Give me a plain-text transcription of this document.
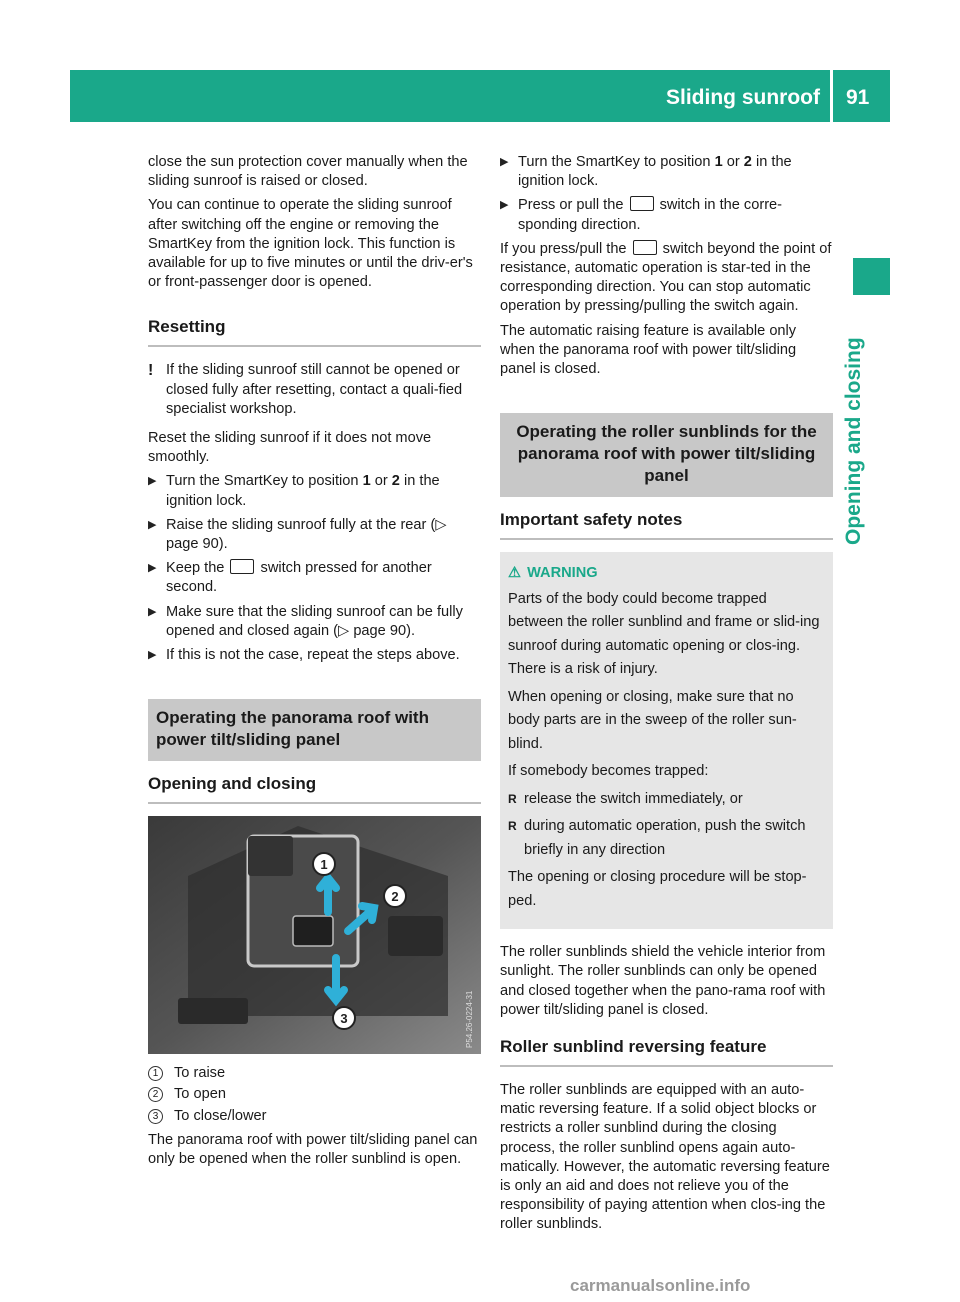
Sliding sunroof 91
Opening and closing

close the sun protection cover manually when the sliding sunroof is raised or closed.

You can continue to operate the sliding sunroof after switching off the engine or removing the SmartKey from the ignition lock. This function is available for up to five minutes or until the driv-er's or front-passenger door is opened.

Resetting
! If the sliding sunroof still cannot be opened or closed fully after resetting, contact a quali-fied specialist workshop.

Reset the sliding sunroof if it does not move smoothly.

▶ Turn the SmartKey to position 1 or 2 in the ignition lock.
▶ Raise the sliding sunroof fully at the rear (▷ page 90).
▶ Keep the  switch pressed for another second.
▶ Make sure that the sliding sunroof can be fully opened and closed again (▷ page 90).
▶ If this is not the case, repeat the steps above.
Operating the panorama roof with power tilt/sliding panel
Opening and closing
1
2
3	P54.26-0224-31
1	To raise
2	To open
3	To close/lower

The panorama roof with power tilt/sliding panel can only be opened when the roller sunblind is open.

▶ Turn the SmartKey to position 1 or 2 in the ignition lock.
▶ Press or pull the  switch in the corre-sponding direction.

If you press/pull the  switch beyond the point of resistance, automatic operation is star-ted in the corresponding direction. You can stop automatic operation by pressing/pulling the switch again.

The automatic raising feature is available only when the panorama roof with power tilt/sliding panel is closed.

Operating the roller sunblinds for the panorama roof with power tilt/sliding panel
Important safety notes
⚠ WARNING

Parts of the body could become trapped between the roller sunblind and frame or slid-ing sunroof during automatic opening or clos-ing. There is a risk of injury.

When opening or closing, make sure that no body parts are in the sweep of the roller sun-blind.

If somebody becomes trapped:

R release the switch immediately, or
R during automatic operation, push the switch briefly in any direction

The opening or closing procedure will be stop-ped.

The roller sunblinds shield the vehicle interior from sunlight. The roller sunblinds can only be opened and closed together when the pano-rama roof with power tilt/sliding panel is closed.

Roller sunblind reversing feature

The roller sunblinds are equipped with an auto-matic reversing feature. If a solid object blocks or restricts a roller sunblind during the closing process, the roller sunblind opens again auto-matically. However, the automatic reversing feature is only an aid and does not relieve you of the responsibility of paying attention when clos-ing the roller sunblinds.

carmanualsonline.info
